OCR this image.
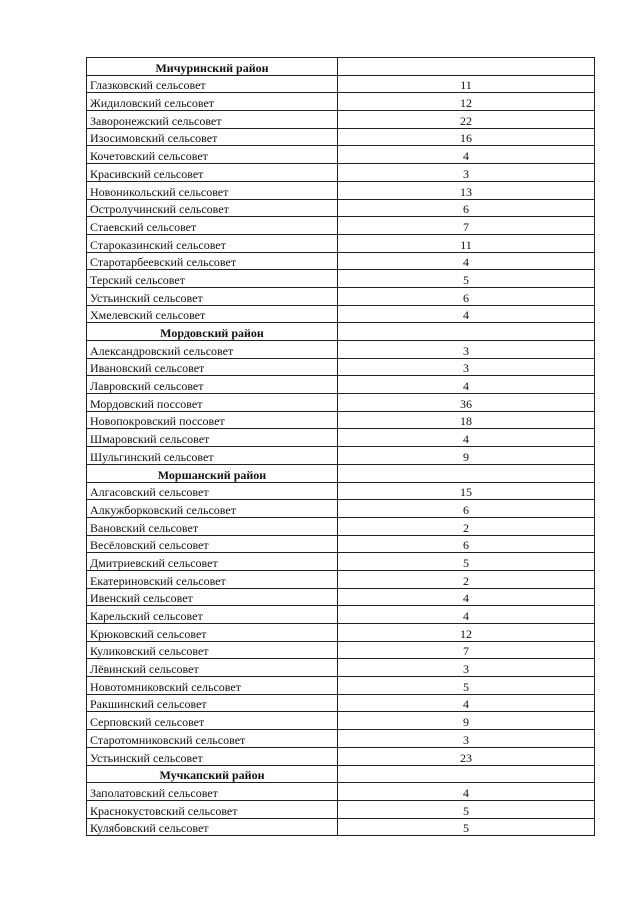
Мичуринский район	
Глазковский сельсовет	11
Жидиловский сельсовет	12
Заворонежский сельсовет	22
Изосимовский сельсовет	16
Кочетовский сельсовет	4
Красивский сельсовет	3
Новоникольский сельсовет	13
Остролучинский сельсовет	6
Стаевский сельсовет	7
Староказинский сельсовет	11
Старотарбеевский сельсовет	4
Терский сельсовет	5
Устьинский сельсовет	6
Хмелевский сельсовет	4
Мордовский район	
Александровский сельсовет	3
Ивановский сельсовет	3
Лавровский сельсовет	4
Мордовский поссовет	36
Новопокровский поссовет	18
Шмаровский сельсовет	4
Шульгинский сельсовет	9
Моршанский район	
Алгасовский сельсовет	15
Алкужборковский сельсовет	6
Вановский сельсовет	2
Весёловский сельсовет	6
Дмитриевский сельсовет	5
Екатериновский сельсовет	2
Ивенский сельсовет	4
Карельский сельсовет	4
Крюковский сельсовет	12
Куликовский сельсовет	7
Лёвинский сельсовет	3
Новотомниковский сельсовет	5
Ракшинский сельсовет	4
Серповский сельсовет	9
Старотомниковский сельсовет	3
Устьинский сельсовет	23
Мучкапский район	
Заполатовский сельсовет	4
Краснокустовский сельсовет	5
Кулябовский сельсовет	5
